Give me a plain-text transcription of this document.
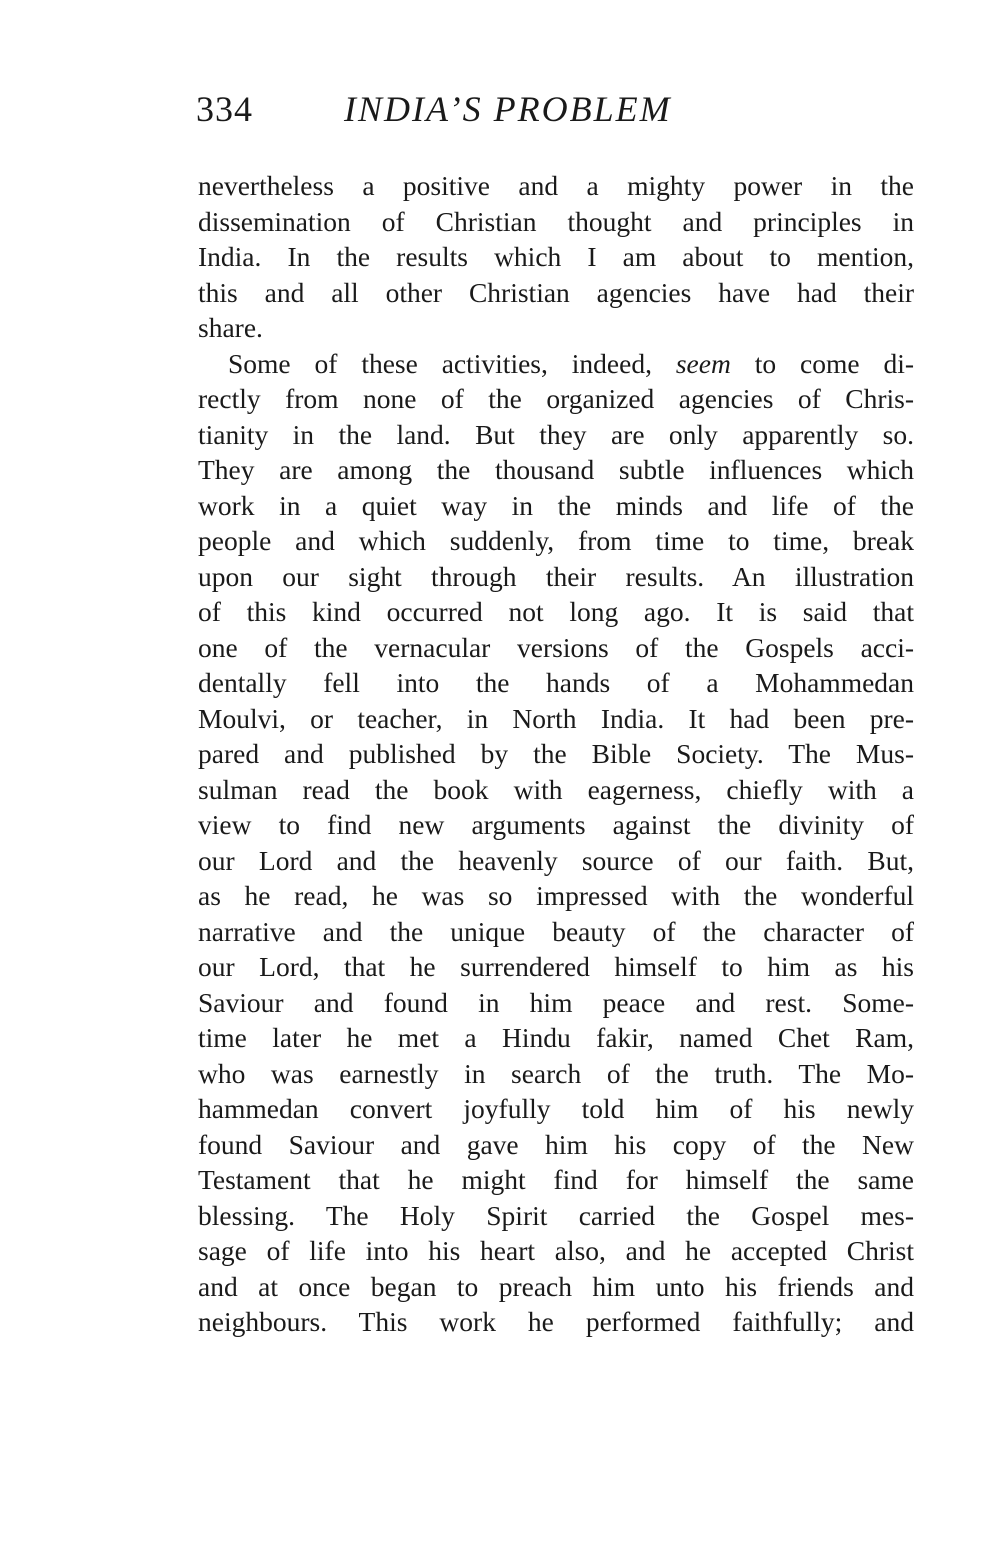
334	INDIA’S PROBLEM
nevertheless a positive and a mighty power in the
dissemination of Christian thought and principles in
India. In the results which I am about to mention,
this and all other Christian agencies have had their
share.
Some of these activities, indeed, seem to come di-
rectly from none of the organized agencies of Chris-
tianity in the land. But they are only apparently so.
They are among the thousand subtle influences which
work in a quiet way in the minds and life of the
people and which suddenly, from time to time, break
upon our sight through their results. An illustration
of this kind occurred not long ago. It is said that
one of the vernacular versions of the Gospels acci-
dentally fell into the hands of a Mohammedan
Moulvi, or teacher, in North India. It had been pre-
pared and published by the Bible Society. The Mus-
sulman read the book with eagerness, chiefly with a
view to find new arguments against the divinity of
our Lord and the heavenly source of our faith. But,
as he read, he was so impressed with the wonderful
narrative and the unique beauty of the character of
our Lord, that he surrendered himself to him as his
Saviour and found in him peace and rest. Some-
time later he met a Hindu fakir, named Chet Ram,
who was earnestly in search of the truth. The Mo-
hammedan convert joyfully told him of his newly
found Saviour and gave him his copy of the New
Testament that he might find for himself the same
blessing. The Holy Spirit carried the Gospel mes-
sage of life into his heart also, and he accepted Christ
and at once began to preach him unto his friends and
neighbours. This work he performed faithfully; and
